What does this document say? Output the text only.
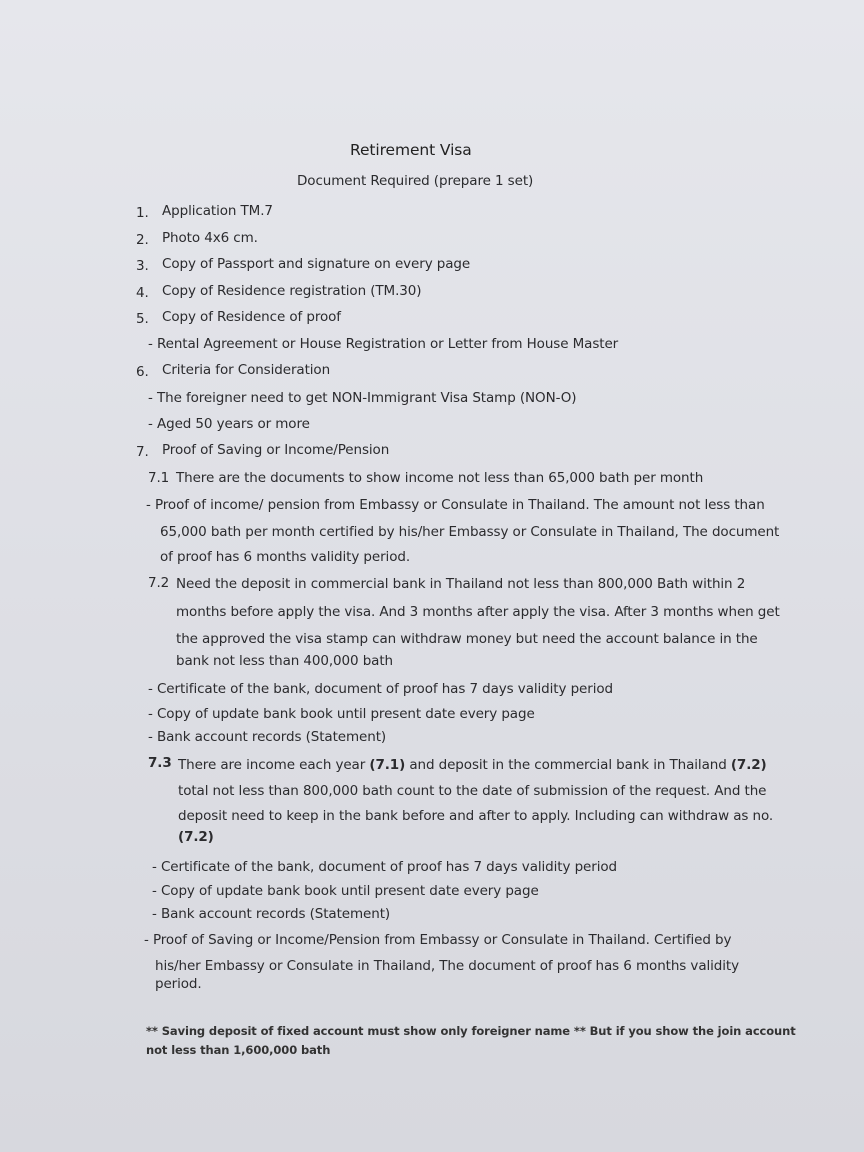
Retirement Visa
Document Required (prepare 1 set)
1. Application TM.7
2. Photo 4x6 cm.
3. Copy of Passport and signature on every page
4. Copy of Residence registration (TM.30)
5. Copy of Residence of proof
- Rental Agreement or House Registration or Letter from House Master
6. Criteria for Consideration
- The foreigner need to get NON-Immigrant Visa Stamp (NON-O)
- Aged 50 years or more
7. Proof of Saving or Income/Pension
7.1 There are the documents to show income not less than 65,000 bath per month
- Proof of income/ pension from Embassy or Consulate in Thailand. The amount not less than
65,000 bath per month certified by his/her Embassy or Consulate in Thailand, The document
of proof has 6 months validity period.
7.2 Need the deposit in commercial bank in Thailand not less than 800,000 Bath within 2
months before apply the visa. And 3 months after apply the visa. After 3 months when get
the approved the visa stamp can withdraw money but need the account balance in the
bank not less than 400,000 bath
- Certificate of the bank, document of proof has 7 days validity period
- Copy of update bank book until present date every page
- Bank account records (Statement)
7.3 There are income each year (7.1) and deposit in the commercial bank in Thailand (7.2)
total not less than 800,000 bath count to the date of submission of the request. And the
deposit need to keep in the bank before and after to apply. Including can withdraw as no.
(7.2)
- Certificate of the bank, document of proof has 7 days validity period
- Copy of update bank book until present date every page
- Bank account records (Statement)
- Proof of Saving or Income/Pension from Embassy or Consulate in Thailand. Certified by
his/her Embassy or Consulate in Thailand, The document of proof has 6 months validity
period.
** Saving deposit of fixed account must show only foreigner name ** But if you show the join account
not less than 1,600,000 bath
